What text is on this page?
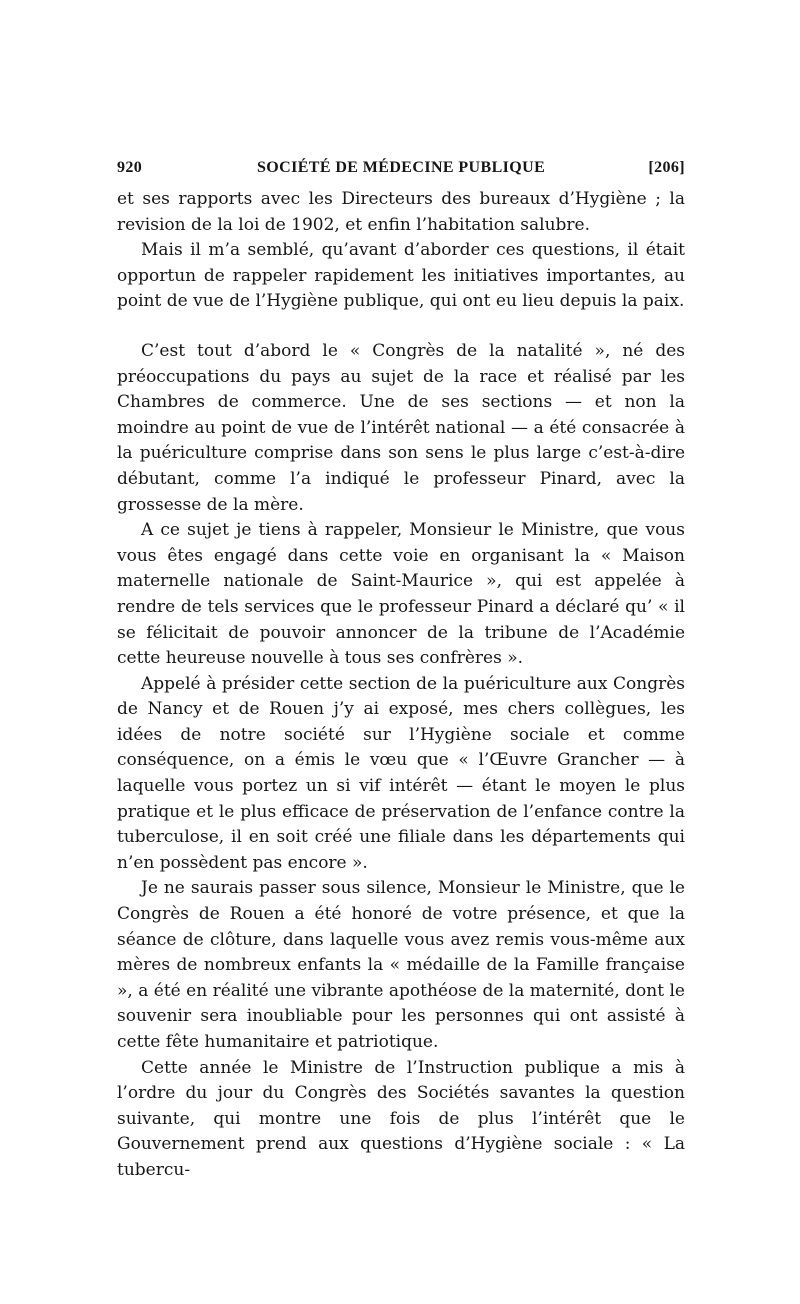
920	SOCIÉTÉ DE MÉDECINE PUBLIQUE	[206]

et ses rapports avec les Directeurs des bureaux d’Hygiène ; la revision de la loi de 1902, et enfin l’habitation salubre.

Mais il m’a semblé, qu’avant d’aborder ces questions, il était opportun de rappeler rapidement les initiatives importantes, au point de vue de l’Hygiène publique, qui ont eu lieu depuis la paix.

C’est tout d’abord le « Congrès de la natalité », né des préoccupations du pays au sujet de la race et réalisé par les Chambres de commerce. Une de ses sections — et non la moindre au point de vue de l’intérêt national — a été consacrée à la puériculture comprise dans son sens le plus large c’est-à-dire débutant, comme l’a indiqué le professeur Pinard, avec la grossesse de la mère.

A ce sujet je tiens à rappeler, Monsieur le Ministre, que vous vous êtes engagé dans cette voie en organisant la « Maison maternelle nationale de Saint-Maurice », qui est appelée à rendre de tels services que le professeur Pinard a déclaré qu’ « il se félicitait de pouvoir annoncer de la tribune de l’Académie cette heureuse nouvelle à tous ses confrères ».

Appelé à présider cette section de la puériculture aux Congrès de Nancy et de Rouen j’y ai exposé, mes chers collègues, les idées de notre société sur l’Hygiène sociale et comme conséquence, on a émis le vœu que « l’Œuvre Grancher — à laquelle vous portez un si vif intérêt — étant le moyen le plus pratique et le plus efficace de préservation de l’enfance contre la tuberculose, il en soit créé une filiale dans les départements qui n’en possèdent pas encore ».

Je ne saurais passer sous silence, Monsieur le Ministre, que le Congrès de Rouen a été honoré de votre présence, et que la séance de clôture, dans laquelle vous avez remis vous-même aux mères de nombreux enfants la « médaille de la Famille française », a été en réalité une vibrante apothéose de la maternité, dont le souvenir sera inoubliable pour les personnes qui ont assisté à cette fête humanitaire et patriotique.

Cette année le Ministre de l’Instruction publique a mis à l’ordre du jour du Congrès des Sociétés savantes la question suivante, qui montre une fois de plus l’intérêt que le Gouvernement prend aux questions d’Hygiène sociale : « La tubercu-
